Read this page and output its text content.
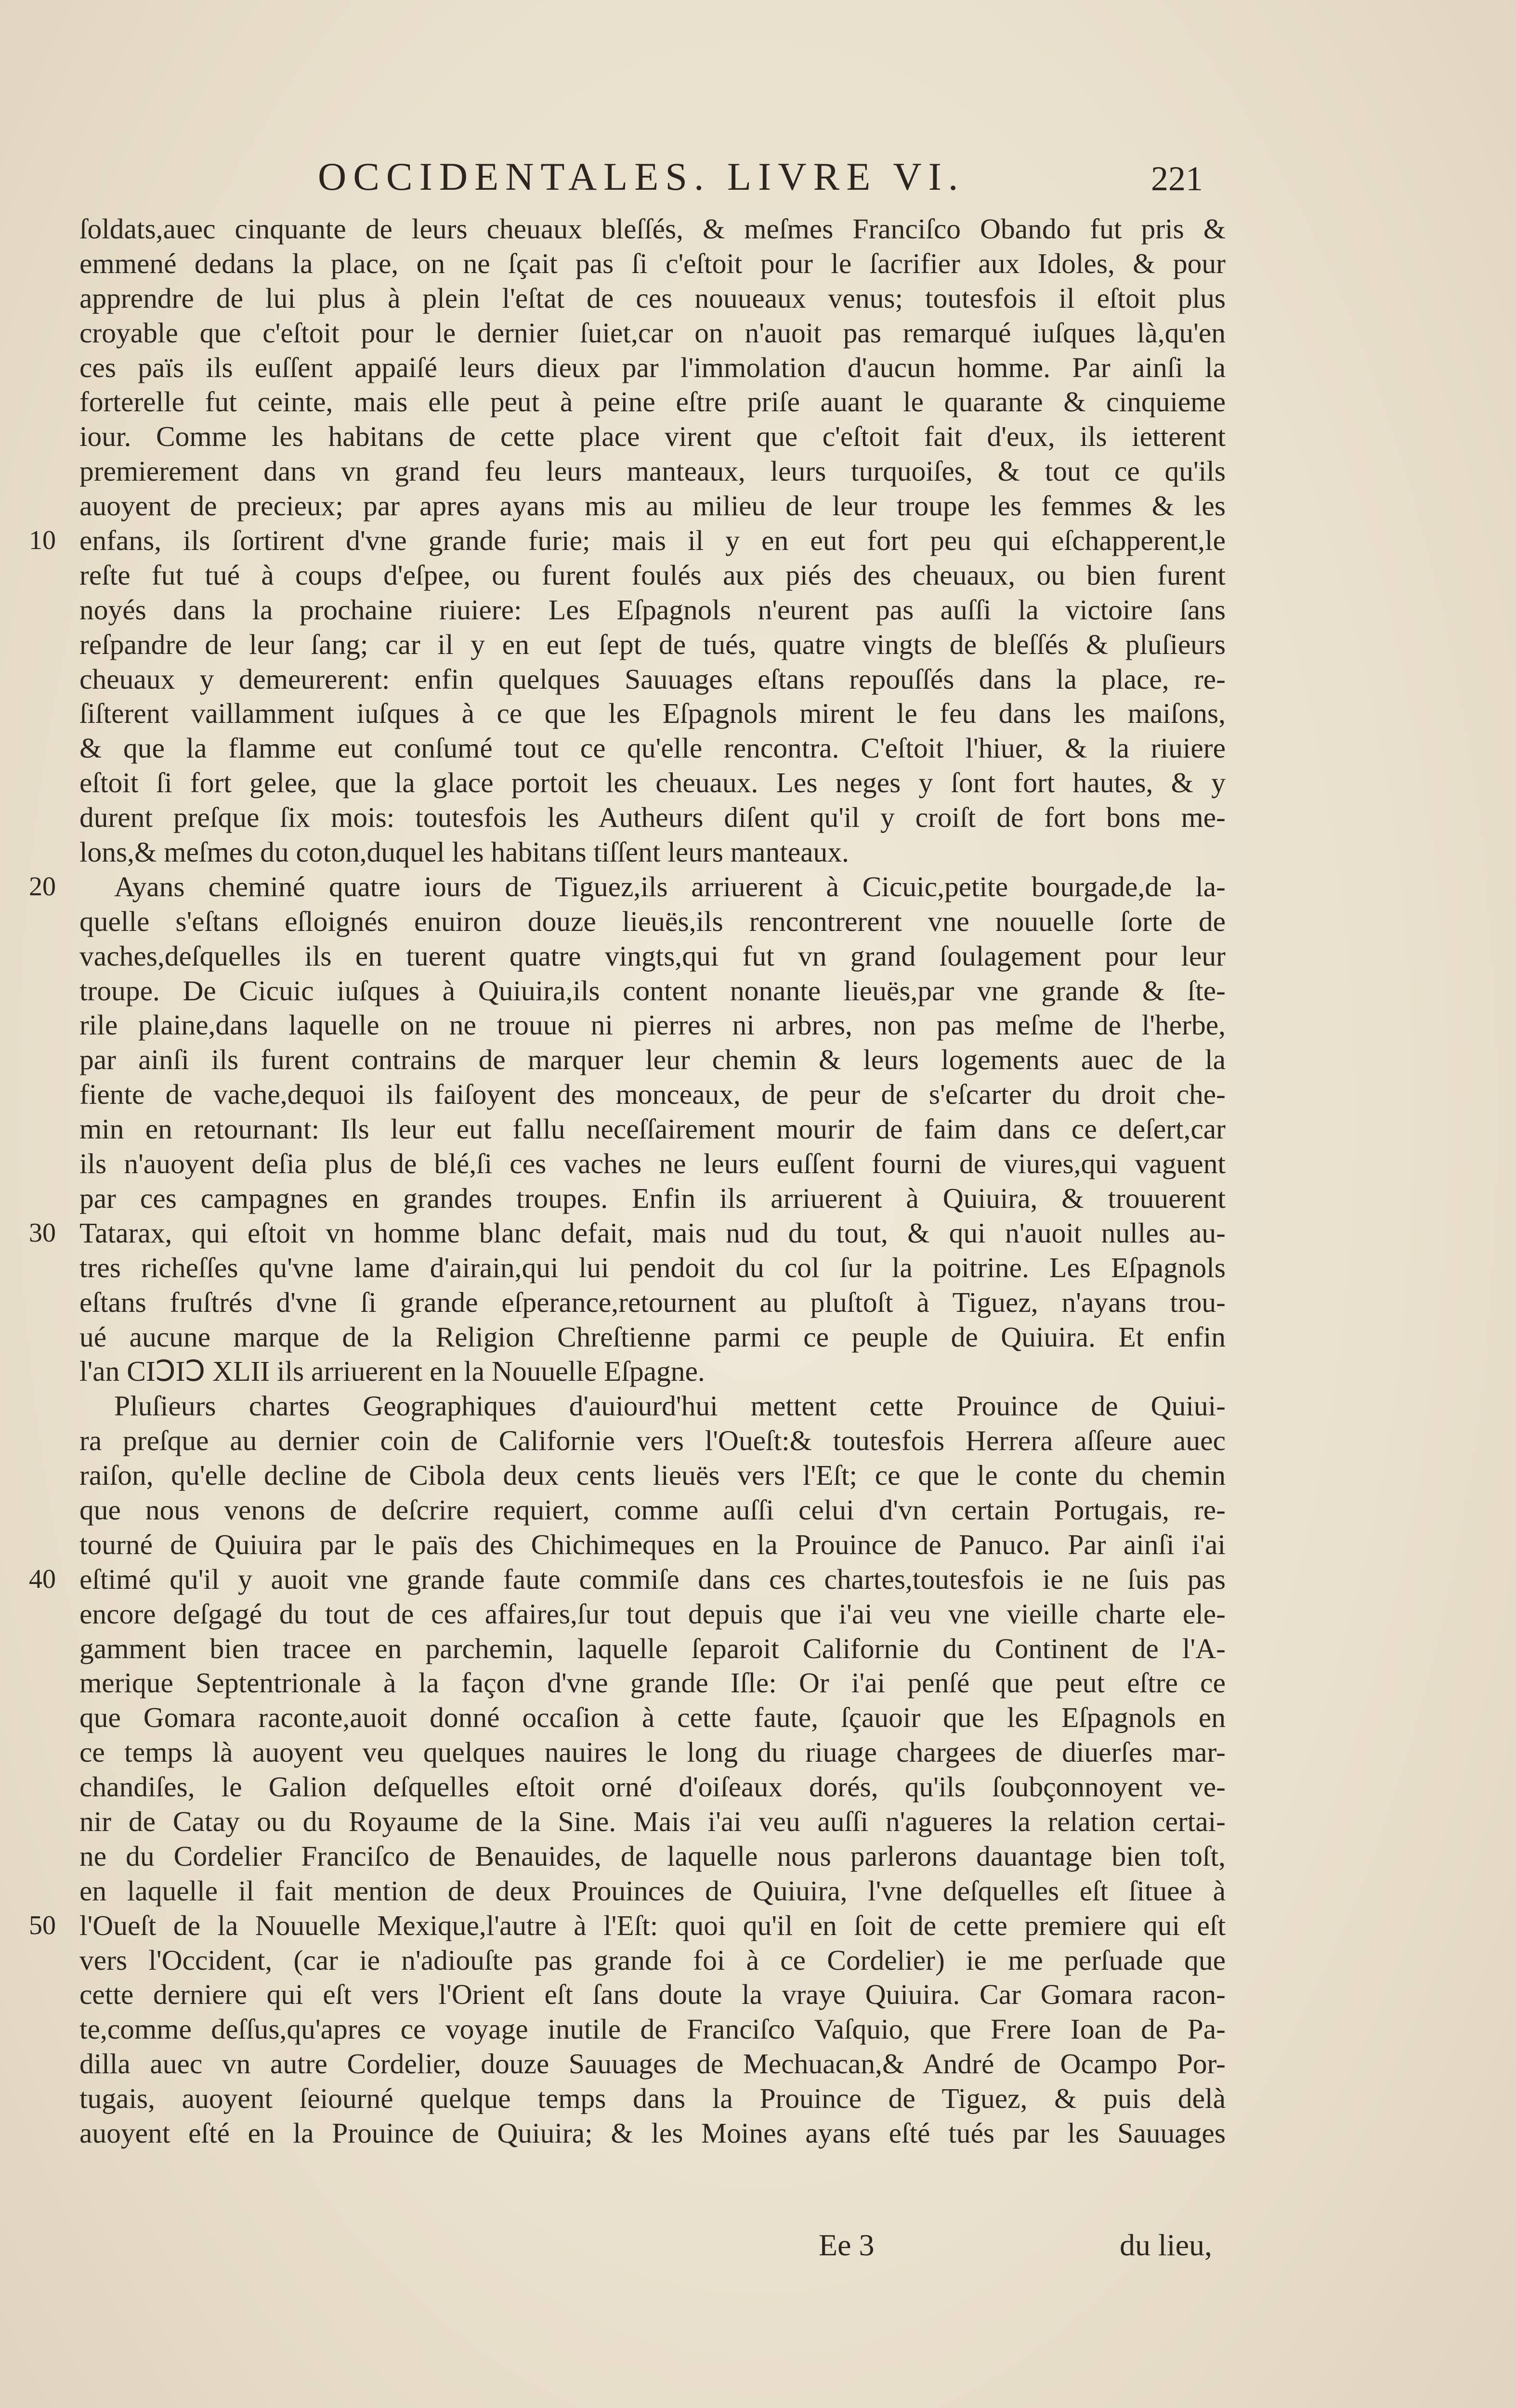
OCCIDENTALES. LIVRE VI.	221
ſoldats,auec cinquante de leurs cheuaux bleſſés, & meſmes Franciſco Obando fut pris &
emmené dedans la place, on ne ſçait pas ſi c'eſtoit pour le ſacrifier aux Idoles, & pour
apprendre de lui plus à plein l'eſtat de ces nouueaux venus; toutesfois il eſtoit plus
croyable que c'eſtoit pour le dernier ſuiet,car on n'auoit pas remarqué iuſques là,qu'en
ces païs ils euſſent appaiſé leurs dieux par l'immolation d'aucun homme. Par ainſi la
forterelle fut ceinte, mais elle peut à peine eſtre priſe auant le quarante & cinquieme
iour. Comme les habitans de cette place virent que c'eſtoit fait d'eux, ils ietterent
premierement dans vn grand feu leurs manteaux, leurs turquoiſes, & tout ce qu'ils
auoyent de precieux; par apres ayans mis au milieu de leur troupe les femmes & les
10 enfans, ils ſortirent d'vne grande furie; mais il y en eut fort peu qui eſchapperent,le
reſte fut tué à coups d'eſpee, ou furent foulés aux piés des cheuaux, ou bien furent
noyés dans la prochaine riuiere: Les Eſpagnols n'eurent pas auſſi la victoire ſans
reſpandre de leur ſang; car il y en eut ſept de tués, quatre vingts de bleſſés & pluſieurs
cheuaux y demeurerent: enfin quelques Sauuages eſtans repouſſés dans la place, re-
ſiſterent vaillamment iuſques à ce que les Eſpagnols mirent le feu dans les maiſons,
& que la flamme eut conſumé tout ce qu'elle rencontra. C'eſtoit l'hiuer, & la riuiere
eſtoit ſi fort gelee, que la glace portoit les cheuaux. Les neges y ſont fort hautes, & y
durent preſque ſix mois: toutesfois les Autheurs diſent qu'il y croiſt de fort bons me-
lons,& meſmes du coton,duquel les habitans tiſſent leurs manteaux.
20	Ayans cheminé quatre iours de Tiguez,ils arriuerent à Cicuic,petite bourgade,de la-
quelle s'eſtans eſloignés enuiron douze lieuës,ils rencontrerent vne nouuelle ſorte de
vaches,deſquelles ils en tuerent quatre vingts,qui fut vn grand ſoulagement pour leur
troupe. De Cicuic iuſques à Quiuira,ils content nonante lieuës,par vne grande & ſte-
rile plaine,dans laquelle on ne trouue ni pierres ni arbres, non pas meſme de l'herbe,
par ainſi ils furent contrains de marquer leur chemin & leurs logements auec de la
fiente de vache,dequoi ils faiſoyent des monceaux, de peur de s'eſcarter du droit che-
min en retournant: Ils leur eut fallu neceſſairement mourir de faim dans ce deſert,car
ils n'auoyent deſia plus de blé,ſi ces vaches ne leurs euſſent fourni de viures,qui vaguent
par ces campagnes en grandes troupes. Enfin ils arriuerent à Quiuira, & trouuerent
30 Tatarax, qui eſtoit vn homme blanc defait, mais nud du tout, & qui n'auoit nulles au-
tres richeſſes qu'vne lame d'airain,qui lui pendoit du col ſur la poitrine. Les Eſpagnols
eſtans fruſtrés d'vne ſi grande eſperance,retournent au pluſtoſt à Tiguez, n'ayans trou-
ué aucune marque de la Religion Chreſtienne parmi ce peuple de Quiuira. Et enfin
l'an CIↃIↃ XLII ils arriuerent en la Nouuelle Eſpagne.
Pluſieurs chartes Geographiques d'auiourd'hui mettent cette Prouince de Quiui-
ra preſque au dernier coin de Californie vers l'Oueſt:& toutesfois Herrera aſſeure auec
raiſon, qu'elle decline de Cibola deux cents lieuës vers l'Eſt; ce que le conte du chemin
que nous venons de deſcrire requiert, comme auſſi celui d'vn certain Portugais, re-
tourné de Quiuira par le païs des Chichimeques en la Prouince de Panuco. Par ainſi i'ai
40 eſtimé qu'il y auoit vne grande faute commiſe dans ces chartes,toutesfois ie ne ſuis pas
encore deſgagé du tout de ces affaires,ſur tout depuis que i'ai veu vne vieille charte ele-
gamment bien tracee en parchemin, laquelle ſeparoit Californie du Continent de l'A-
merique Septentrionale à la façon d'vne grande Iſle: Or i'ai penſé que peut eſtre ce
que Gomara raconte,auoit donné occaſion à cette faute, ſçauoir que les Eſpagnols en
ce temps là auoyent veu quelques nauires le long du riuage chargees de diuerſes mar-
chandiſes, le Galion deſquelles eſtoit orné d'oiſeaux dorés, qu'ils ſoubçonnoyent ve-
nir de Catay ou du Royaume de la Sine. Mais i'ai veu auſſi n'agueres la relation certai-
ne du Cordelier Franciſco de Benauides, de laquelle nous parlerons dauantage bien toſt,
en laquelle il fait mention de deux Prouinces de Quiuira, l'vne deſquelles eſt ſituee à
50 l'Oueſt de la Nouuelle Mexique,l'autre à l'Eſt: quoi qu'il en ſoit de cette premiere qui eſt
vers l'Occident, (car ie n'adiouſte pas grande foi à ce Cordelier) ie me perſuade que
cette derniere qui eſt vers l'Orient eſt ſans doute la vraye Quiuira. Car Gomara racon-
te,comme deſſus,qu'apres ce voyage inutile de Franciſco Vaſquio, que Frere Ioan de Pa-
dilla auec vn autre Cordelier, douze Sauuages de Mechuacan,& André de Ocampo Por-
tugais, auoyent ſeiourné quelque temps dans la Prouince de Tiguez, & puis delà
auoyent eſté en la Prouince de Quiuira; & les Moines ayans eſté tués par les Sauuages
Ee 3	du lieu,
